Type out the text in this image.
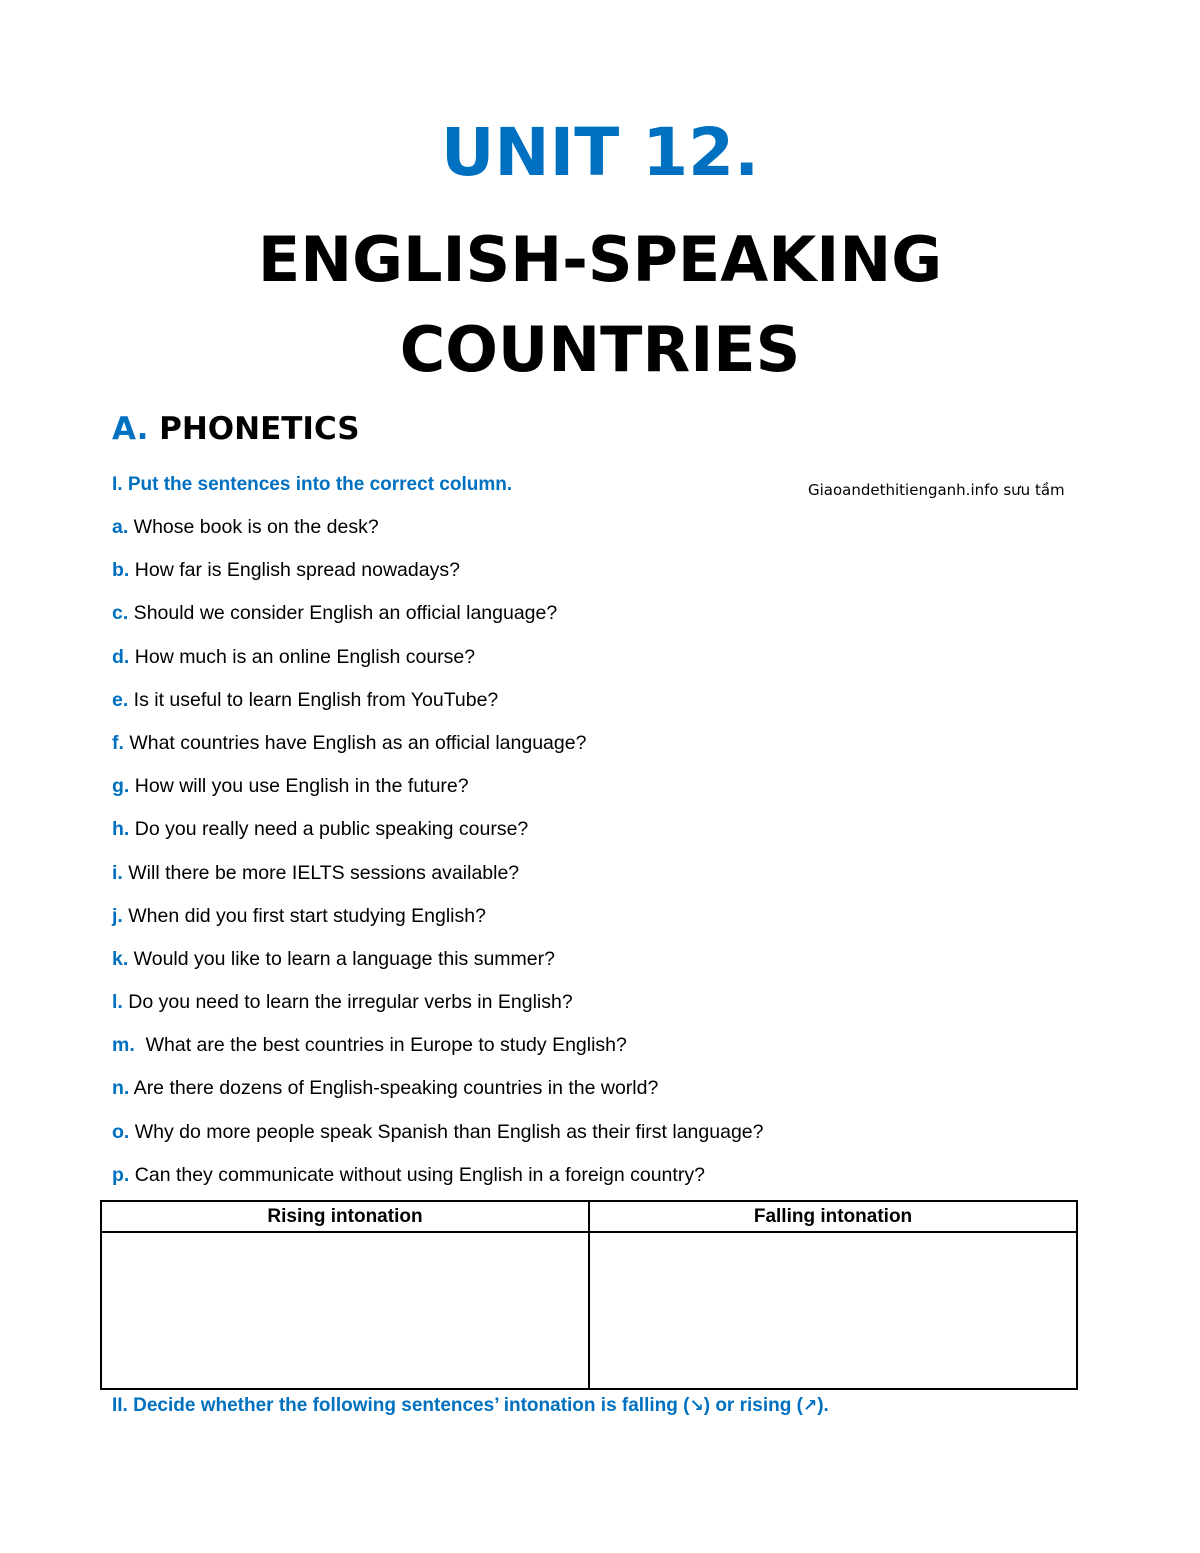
UNIT 12.
ENGLISH-SPEAKING
COUNTRIES
A. PHONETICS
I. Put the sentences into the correct column.	Giaoandethitienganh.info sưu tầm
a. Whose book is on the desk?
b. How far is English spread nowadays?
c. Should we consider English an official language?
d. How much is an online English course?
e. Is it useful to learn English from YouTube?
f. What countries have English as an official language?
g. How will you use English in the future?
h. Do you really need a public speaking course?
i. Will there be more IELTS sessions available?
j. When did you first start studying English?
k. Would you like to learn a language this summer?
l. Do you need to learn the irregular verbs in English?
m.  What are the best countries in Europe to study English?
n. Are there dozens of English-speaking countries in the world?
o. Why do more people speak Spanish than English as their first language?
p. Can they communicate without using English in a foreign country?
Rising intonation	Falling intonation

II. Decide whether the following sentences’ intonation is falling (↘) or rising (↗).
